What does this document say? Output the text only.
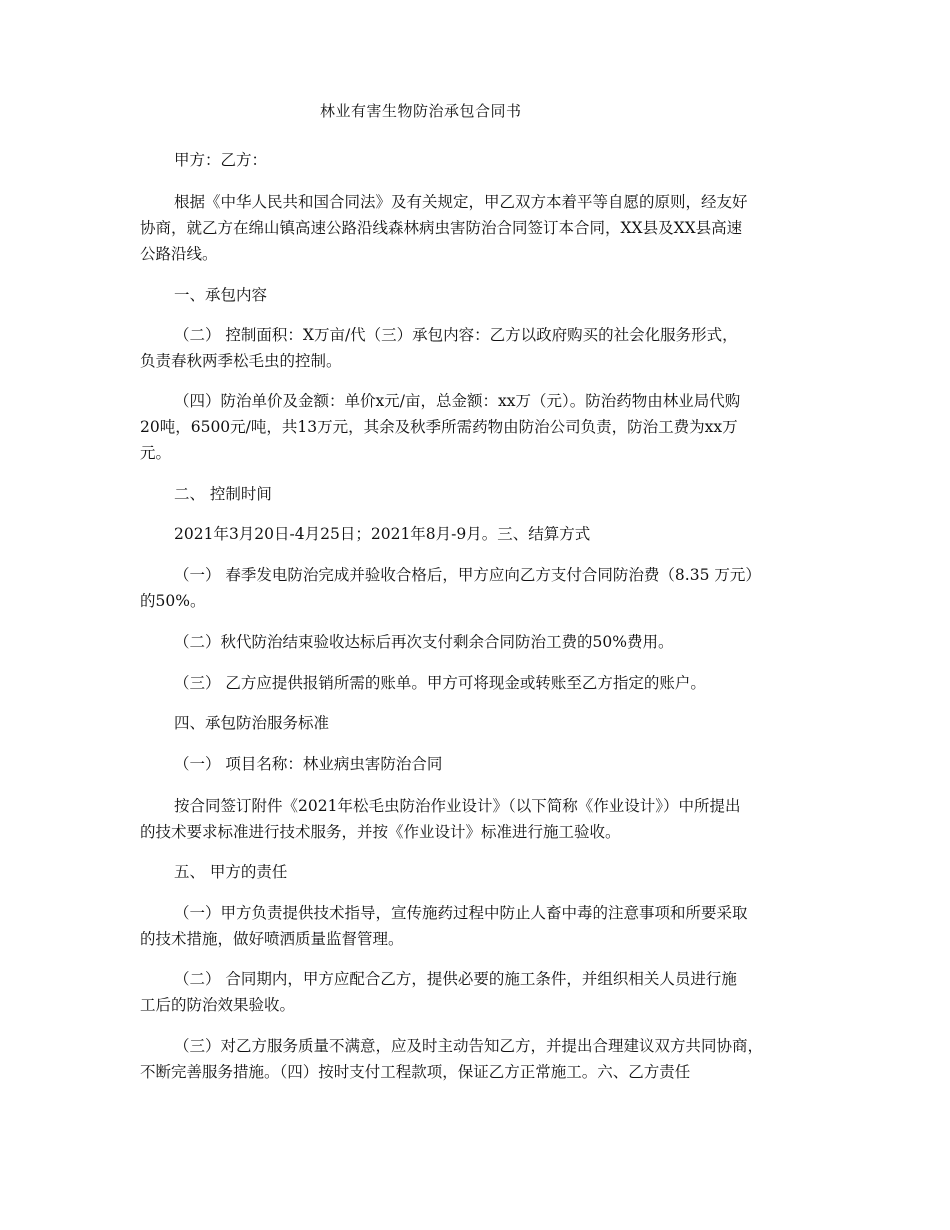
林业有害生物防治承包合同书
甲方：乙方：
根据《中华人民共和国合同法》及有关规定，甲乙双方本着平等自愿的原则，经友好
协商，就乙方在绵山镇高速公路沿线森林病虫害防治合同签订本合同，XX县及XX县高速
公路沿线。
一、承包内容
（二） 控制面积：X万亩/代（三）承包内容：乙方以政府购买的社会化服务形式，
负责春秋两季松毛虫的控制。
（四）防治单价及金额：单价x元/亩，总金额：xx万（元）。防治药物由林业局代购
20吨，6500元/吨，共13万元，其余及秋季所需药物由防治公司负责，防治工费为xx万
元。
二、 控制时间
2021年3月20日-4月25日；2021年8月-9月。三、结算方式
（一） 春季发电防治完成并验收合格后，甲方应向乙方支付合同防治费（8.35 万元）
的50%。
（二）秋代防治结束验收达标后再次支付剩余合同防治工费的50%费用。
（三） 乙方应提供报销所需的账单。甲方可将现金或转账至乙方指定的账户。
四、承包防治服务标准
（一） 项目名称：林业病虫害防治合同
按合同签订附件《2021年松毛虫防治作业设计》（以下简称《作业设计》）中所提出
的技术要求标准进行技术服务，并按《作业设计》标准进行施工验收。
五、 甲方的责任
（一）甲方负责提供技术指导，宣传施药过程中防止人畜中毒的注意事项和所要采取
的技术措施，做好喷洒质量监督管理。
（二） 合同期内，甲方应配合乙方，提供必要的施工条件，并组织相关人员进行施
工后的防治效果验收。
（三）对乙方服务质量不满意，应及时主动告知乙方，并提出合理建议双方共同协商，
不断完善服务措施。（四）按时支付工程款项，保证乙方正常施工。六、乙方责任
